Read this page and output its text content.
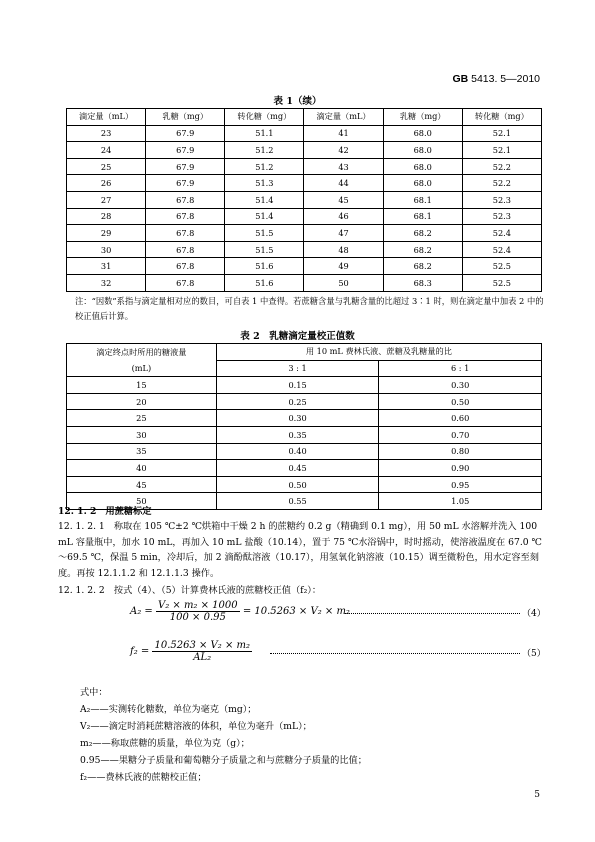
GB 5413. 5—2010
表 1（续）
滴定量（mL）	乳糖（mg）	转化糖（mg）	滴定量（mL）	乳糖（mg）	转化糖（mg）
23	67.9	51.1	41	68.0	52.1
24	67.9	51.2	42	68.0	52.1
25	67.9	51.2	43	68.0	52.2
26	67.9	51.3	44	68.0	52.2
27	67.8	51.4	45	68.1	52.3
28	67.8	51.4	46	68.1	52.3
29	67.8	51.5	47	68.2	52.4
30	67.8	51.5	48	68.2	52.4
31	67.8	51.6	49	68.2	52.5
32	67.8	51.6	50	68.3	52.5
注：“因数”系指与滴定量相对应的数目，可自表 1 中查得。若蔗糖含量与乳糖含量的比超过 3∶1 时，则在滴定量中加表 2 中的校正值后计算。
表 2　乳糖滴定量校正值数
滴定终点时所用的糖液量	用 10 mL 费林氏液、蔗糖及乳糖量的比	
(mL)	3 : 1	6 : 1
15	0.15	0.30
20	0.25	0.50
25	0.30	0.60
30	0.35	0.70
35	0.40	0.80
40	0.45	0.90
45	0.50	0.95
50	0.55	1.05
12. 1. 2　用蔗糖标定
12. 1. 2. 1　称取在 105 ℃±2 ℃烘箱中干燥 2 h 的蔗糖约 0.2 g（精确到 0.1 mg），用 50 mL 水溶解并洗入 100 mL 容量瓶中，加水 10 mL，再加入 10 mL 盐酸（10.14），置于 75 ℃水浴锅中，时时摇动，使溶液温度在 67.0 ℃～69.5 ℃，保温 5 min，冷却后，加 2 滴酚酞溶液（10.17），用氢氧化钠溶液（10.15）调至微粉色，用水定容至刻度。再按 12.1.1.2 和 12.1.1.3 操作。
12. 1. 2. 2　按式（4）、（5）计算费林氏液的蔗糖校正值（f₂）：
$A_2 = \frac{\text{V₂ × m₂ × 1000}}{100 \times 0.95} = 10.5263 \times V_2 \times m_2$	（4）
$f_2 = \frac{\text{10.5263 × V₂ × m₂}}{\text{AL₂}}$	（5）
式中：
A₂——实测转化糖数，单位为毫克（mg）；
V₂——滴定时消耗蔗糖溶液的体积，单位为毫升（mL）；
m₂——称取蔗糖的质量，单位为克（g）；
0.95——果糖分子质量和葡萄糖分子质量之和与蔗糖分子质量的比值；
f₂——费林氏液的蔗糖校正值；
5
